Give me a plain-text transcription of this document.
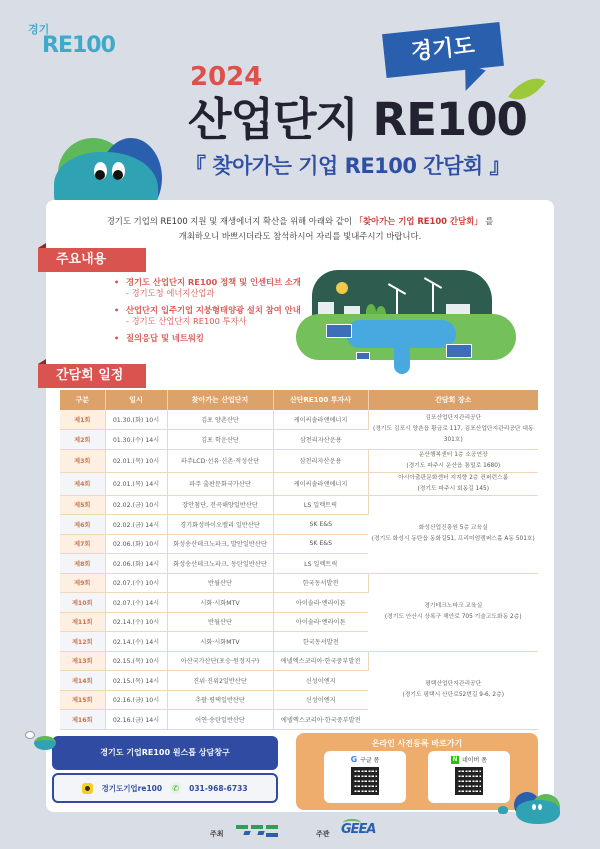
경기
RE100	경기도
2024
산업단지 RE100
『 찾아가는 기업 RE100 간담회 』
경기도 기업의 RE100 지원 및 재생에너지 확산을 위해 아래와 같이 「찾아가는 기업 RE100 간담회」 를
개최하오니 바쁘시더라도 참석하시어 자리를 빛내주시기 바랍니다.
주요내용
• 경기도 산업단지 RE100 정책 및 인센티브 소개
- 경기도청 에너지산업과
• 산업단지 입주기업 지붕형태양광 설치 참여 안내
- 경기도 산업단지 RE100 투자사
• 질의응답 및 네트워킹
간담회 일정
구분	일시	찾아가는 산업단지	산단RE100 투자사	간담회 장소
제1회	01.30.(화) 10시	김포 양촌산단	케이씨솔라앤에너지	김포산업단지관리공단
(경기도 김포시 양촌읍 황금로 117, 김포산업단지관리공단 대동 301호)

제2회	01.30.(수) 14시	김포 학운산단	삼천리자산운용	
제3회	02.01.(목) 10시	파주LCD·선유·신촌·적성산단	삼천리자산운용	운산행복센터 1층 소공연장
(경기도 파주시 운산읍 통일로 1680)

제4회	02.01.(목) 14시	파주 출판문화국가산단	케이씨솔라앤에너지	아시아출판문화센터 지지향 2층 컨퍼런스룸
(경기도 파주시 회동길 145)

제5회	02.02.(금) 10시	장안첨단, 전곡해양일반산단	LS 일렉트릭	화성산업진흥원 5층 교육실
(경기도 화성시 동탄읍 동화길51, 프리미엄캠퍼스홀 A동 501호)

제6회	02.02.(금) 14시	경기화성바이오밸리 일반산단	SK E&S	
제7회	02.06.(화) 10시	화성송산테크노파크, 발안일반산단	SK E&S	
제8회	02.06.(화) 14시	화성송산테크노파크, 동탄일반산단	LS 일렉트릭	
제9회	02.07.(수) 10시	반월산단	한국동서발전	경기테크노파크 교육실
(경기도 안산시 상록구 해안로 705 기술고도화동 2층)

제10회	02.07.(수) 14시	시화·시화MTV	아이솔라·엔라이튼	
제11회	02.14.(수) 10시	반월산단	아이솔라·엔라이튼	
제12회	02.14.(수) 14시	시화·시화MTV	한국동서발전	
제13회	02.15.(목) 10시	아산국가산단(포승·원정지구)	에넬엑스코리아·한국중부발전	평택산업단지관리공단
(경기도 평택시 산단로52번길 9-6, 2층)

제14회	02.15.(목) 14시	진위·진위2일반산단	신성이엔지	
제15회	02.16.(금) 10시	추팔·평택일반산단	신성이엔지	
제16회	02.16.(금) 14시	어연·송탄일반산단	에넬엑스코리아·한국중부발전	
경기도 기업RE100 원스톱 상담창구
경기도기업re100 ✆ 031-968-6733
온라인 사전등록 바로가기
G 구글 폼	N 네이버 폼
주최	주관 GEEA
